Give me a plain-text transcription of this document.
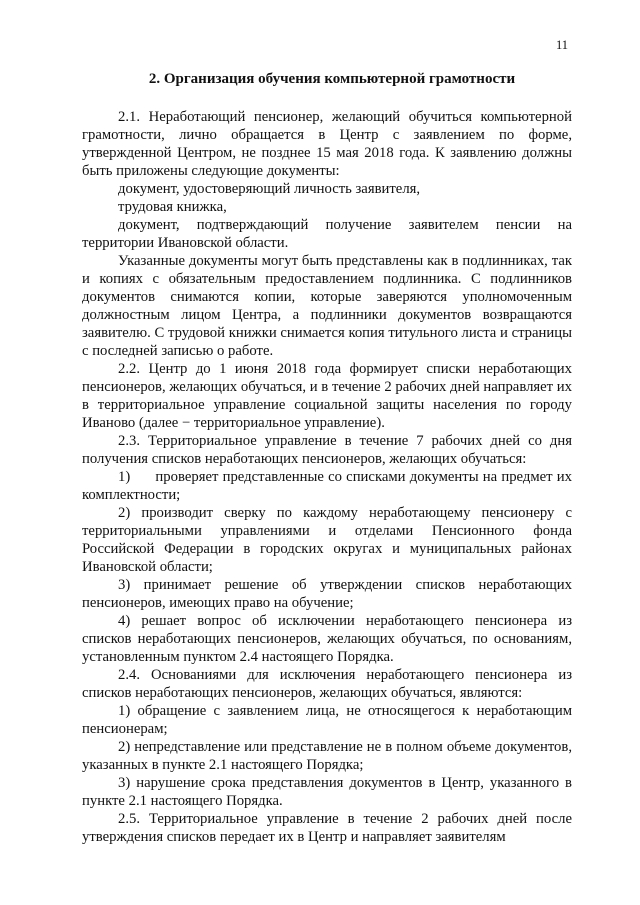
11
2. Организация обучения компьютерной грамотности

2.1. Неработающий пенсионер, желающий обучиться компьютерной грамотности, лично обращается в Центр с заявлением по форме, утвержденной Центром, не позднее 15 мая 2018 года. К заявлению должны быть приложены следующие документы:

документ, удостоверяющий личность заявителя,

трудовая книжка,

документ, подтверждающий получение заявителем пенсии на территории Ивановской области.

Указанные документы могут быть представлены как в подлинниках, так и копиях с обязательным предоставлением подлинника. С подлинников документов снимаются копии, которые заверяются уполномоченным должностным лицом Центра, а подлинники документов возвращаются заявителю. С трудовой книжки снимается копия титульного листа и страницы с последней записью о работе.

2.2. Центр до 1 июня 2018 года формирует списки неработающих пенсионеров, желающих обучаться, и в течение 2 рабочих дней направляет их в территориальное управление социальной защиты населения по городу Иваново (далее − территориальное управление).

2.3. Территориальное управление в течение 7 рабочих дней со дня получения списков неработающих пенсионеров, желающих обучаться:

1)      проверяет представленные со списками документы на предмет их комплектности;

2) производит сверку по каждому неработающему пенсионеру с территориальными управлениями и отделами Пенсионного фонда Российской Федерации в городских округах и муниципальных районах Ивановской области;

3) принимает решение об утверждении списков неработающих пенсионеров, имеющих право на обучение;

4) решает вопрос об исключении неработающего пенсионера из списков неработающих пенсионеров, желающих обучаться, по основаниям, установленным пунктом 2.4 настоящего Порядка.

2.4. Основаниями для исключения неработающего пенсионера из списков неработающих пенсионеров, желающих обучаться, являются:

1) обращение с заявлением лица, не относящегося к неработающим пенсионерам;

2) непредставление или представление не в полном объеме документов, указанных в пункте 2.1 настоящего Порядка;

3) нарушение срока представления документов в Центр, указанного в пункте 2.1 настоящего Порядка.

2.5. Территориальное управление в течение 2 рабочих дней после утверждения списков передает их в Центр и направляет заявителям
